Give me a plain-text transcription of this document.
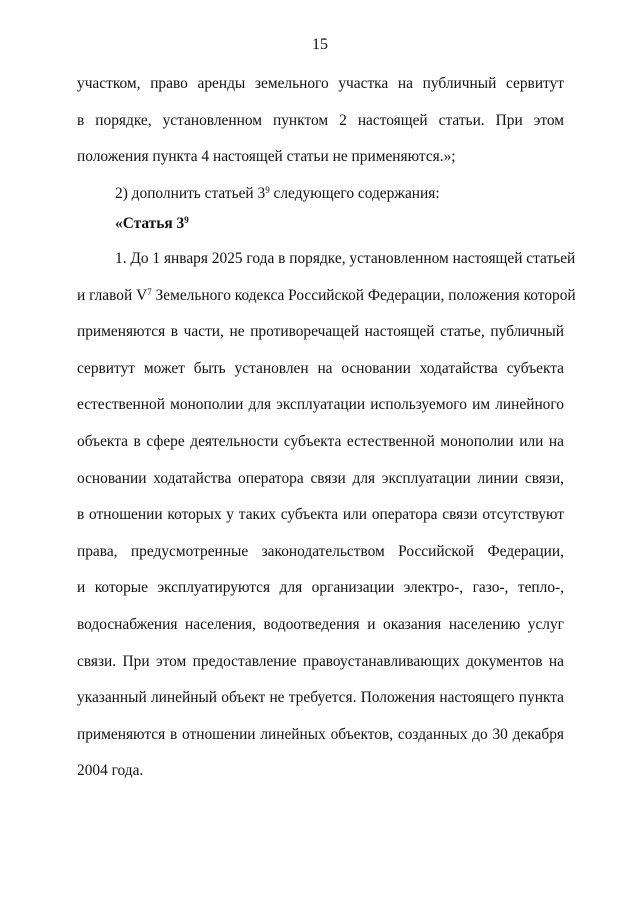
15
участком, право аренды земельного участка на публичный сервитут
в порядке, установленном пунктом 2 настоящей статьи. При этом
положения пункта 4 настоящей статьи не применяются.»;
2) дополнить статьей $3^9$ следующего содержания:
«Статья $3^9$
1. До 1 января 2025 года в порядке, установленном настоящей статьей
и главой $V^7$ Земельного кодекса Российской Федерации, положения которой
применяются в части, не противоречащей настоящей статье, публичный
сервитут может быть установлен на основании ходатайства субъекта
естественной монополии для эксплуатации используемого им линейного
объекта в сфере деятельности субъекта естественной монополии или на
основании ходатайства оператора связи для эксплуатации линии связи,
в отношении которых у таких субъекта или оператора связи отсутствуют
права, предусмотренные законодательством Российской Федерации,
и которые эксплуатируются для организации электро-, газо-, тепло-,
водоснабжения населения, водоотведения и оказания населению услуг
связи. При этом предоставление правоустанавливающих документов на
указанный линейный объект не требуется. Положения настоящего пункта
применяются в отношении линейных объектов, созданных до 30 декабря
2004 года.
